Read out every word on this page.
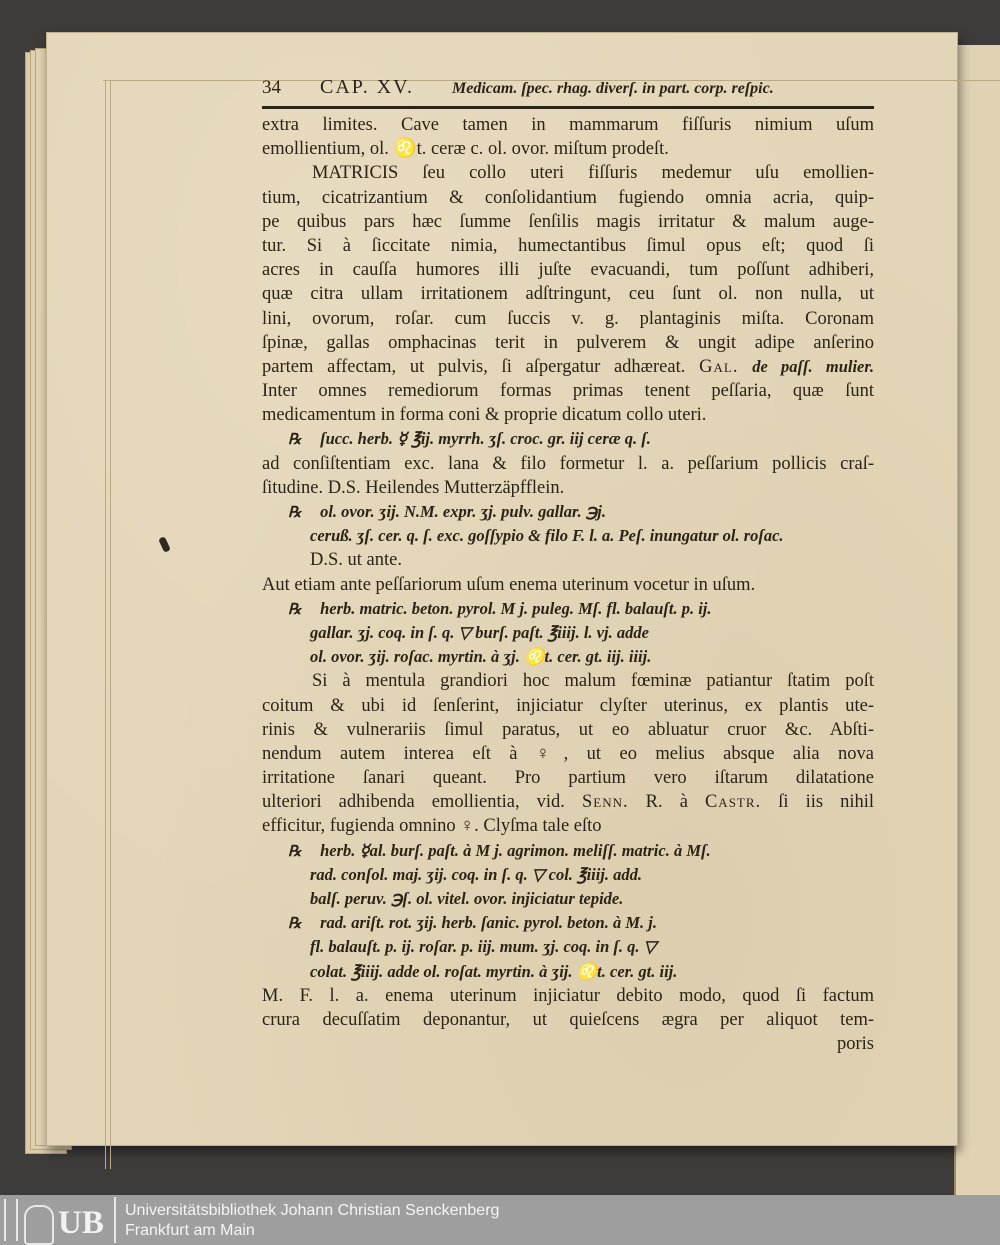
34	CAP. XV.	Medicam. ſpec. rhag. diverſ. in part. corp. reſpic.
extra limites. Cave tamen in mammarum fiſſuris nimium uſum
emollientium, ol. ♌t. ceræ c. ol. ovor. miſtum prodeſt.
MATRICIS ſeu collo uteri fiſſuris medemur uſu emollien-
tium, cicatrizantium & conſolidantium fugiendo omnia acria, quip-
pe quibus pars hæc ſumme ſenſilis magis irritatur & malum auge-
tur. Si à ſiccitate nimia, humectantibus ſimul opus eſt; quod ſi
acres in cauſſa humores illi juſte evacuandi, tum poſſunt adhiberi,
quæ citra ullam irritationem adſtringunt, ceu ſunt ol. non nulla, ut
lini, ovorum, roſar. cum ſuccis v. g. plantaginis miſta. Coronam
ſpinæ, gallas omphacinas terit in pulverem & ungit adipe anſerino
partem affectam, ut pulvis, ſi aſpergatur adhæreat. Gal. de paſſ. mulier.
Inter omnes remediorum formas primas tenent peſſaria, quæ ſunt
medicamentum in forma coni & proprie dicatum collo uteri.
℞ ſucc. herb. ☿ ℥ij. myrrh. ʒſ. croc. gr. iij ceræ q. ſ.
ad conſiſtentiam exc. lana & filo formetur l. a. peſſarium pollicis craſ-
ſitudine. D.S. Heilendes Mutterzäpfflein.
℞ ol. ovor. ʒij. N.M. expr. ʒj. pulv. gallar. ℈j.
ceruß. ʒſ. cer. q. ſ. exc. goſſypio & filo F. l. a. Peſ. inungatur ol. roſac.
D.S. ut ante.
Aut etiam ante peſſariorum uſum enema uterinum vocetur in uſum.
℞ herb. matric. beton. pyrol. M j. puleg. Mſ. fl. balauſt. p. ij.
gallar. ʒj. coq. in ſ. q. ▽ burſ. paſt. ℥iiij. l. vj. adde
ol. ovor. ʒij. roſac. myrtin. à ʒj. ♌t. cer. gt. iij. iiij.
Si à mentula grandiori hoc malum fœminæ patiantur ſtatim poſt
coitum & ubi id ſenſerint, injiciatur clyſter uterinus, ex plantis ute-
rinis & vulnerariis ſimul paratus, ut eo abluatur cruor &c. Abſti-
nendum autem interea eſt à ♀, ut eo melius absque alia nova
irritatione ſanari queant. Pro partium vero iſtarum dilatatione
ulteriori adhibenda emollientia, vid. Senn. R. à Castr. ſi iis nihil
efficitur, fugienda omnino ♀. Clyſma tale eſto
℞ herb. ☿al. burſ. paſt. à M j. agrimon. meliſſ. matric. à Mſ.
rad. conſol. maj. ʒij. coq. in ſ. q. ▽ col. ℥iiij. add.
balſ. peruv. ℈ſ. ol. vitel. ovor. injiciatur tepide.
℞ rad. ariſt. rot. ʒij. herb. ſanic. pyrol. beton. à M. j.
fl. balauſt. p. ij. roſar. p. iij. mum. ʒj. coq. in ſ. q. ▽
colat. ℥iiij. adde ol. roſat. myrtin. à ʒij. ♌t. cer. gt. iij.
M. F. l. a. enema uterinum injiciatur debito modo, quod ſi factum
crura decuſſatim deponantur, ut quieſcens ægra per aliquot tem-
poris
UB Universitätsbibliothek Johann Christian Senckenberg
Frankfurt am Main
